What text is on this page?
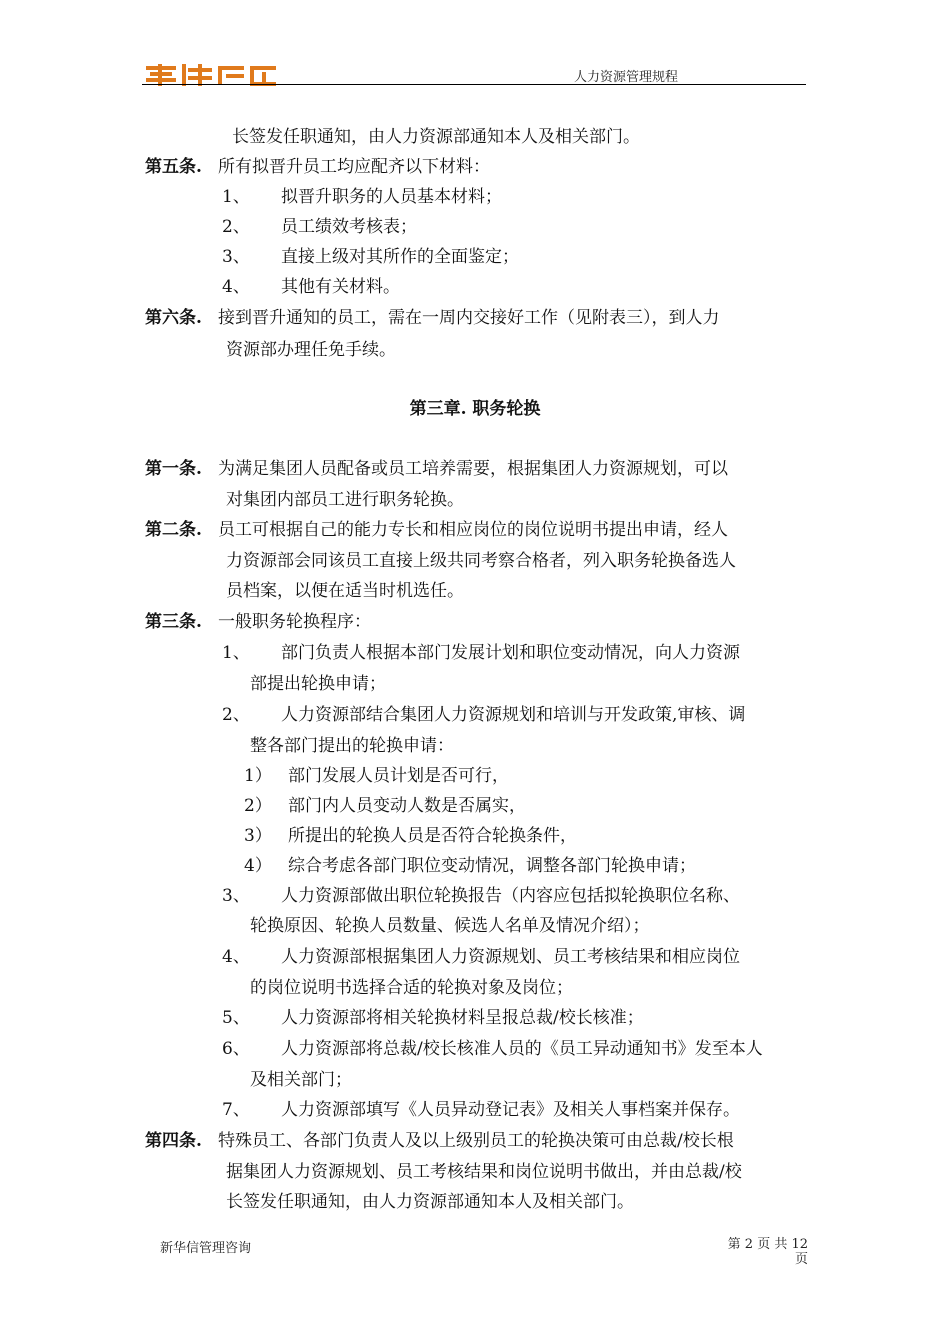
人力资源管理规程
长签发任职通知，由人力资源部通知本人及相关部门。
第五条. 所有拟晋升员工均应配齐以下材料：
1、 拟晋升职务的人员基本材料；
2、 员工绩效考核表；
3、 直接上级对其所作的全面鉴定；
4、 其他有关材料。
第六条. 接到晋升通知的员工，需在一周内交接好工作（见附表三），到人力
资源部办理任免手续。
第三章. 职务轮换
第一条. 为满足集团人员配备或员工培养需要，根据集团人力资源规划，可以
对集团内部员工进行职务轮换。
第二条. 员工可根据自己的能力专长和相应岗位的岗位说明书提出申请，经人
力资源部会同该员工直接上级共同考察合格者，列入职务轮换备选人
员档案，以便在适当时机选任。
第三条. 一般职务轮换程序：
1、 部门负责人根据本部门发展计划和职位变动情况，向人力资源
部提出轮换申请；
2、 人力资源部结合集团人力资源规划和培训与开发政策,审核、调
整各部门提出的轮换申请：
1） 部门发展人员计划是否可行，
2） 部门内人员变动人数是否属实，
3） 所提出的轮换人员是否符合轮换条件，
4） 综合考虑各部门职位变动情况，调整各部门轮换申请；
3、 人力资源部做出职位轮换报告（内容应包括拟轮换职位名称、
轮换原因、轮换人员数量、候选人名单及情况介绍）；
4、 人力资源部根据集团人力资源规划、员工考核结果和相应岗位
的岗位说明书选择合适的轮换对象及岗位；
5、 人力资源部将相关轮换材料呈报总裁/校长核准；
6、 人力资源部将总裁/校长核准人员的《员工异动通知书》发至本人
及相关部门；
7、 人力资源部填写《人员异动登记表》及相关人事档案并保存。
第四条. 特殊员工、各部门负责人及以上级别员工的轮换决策可由总裁/校长根
据集团人力资源规划、员工考核结果和岗位说明书做出，并由总裁/校
长签发任职通知，由人力资源部通知本人及相关部门。
新华信管理咨询	第 2 页 共 12
页
